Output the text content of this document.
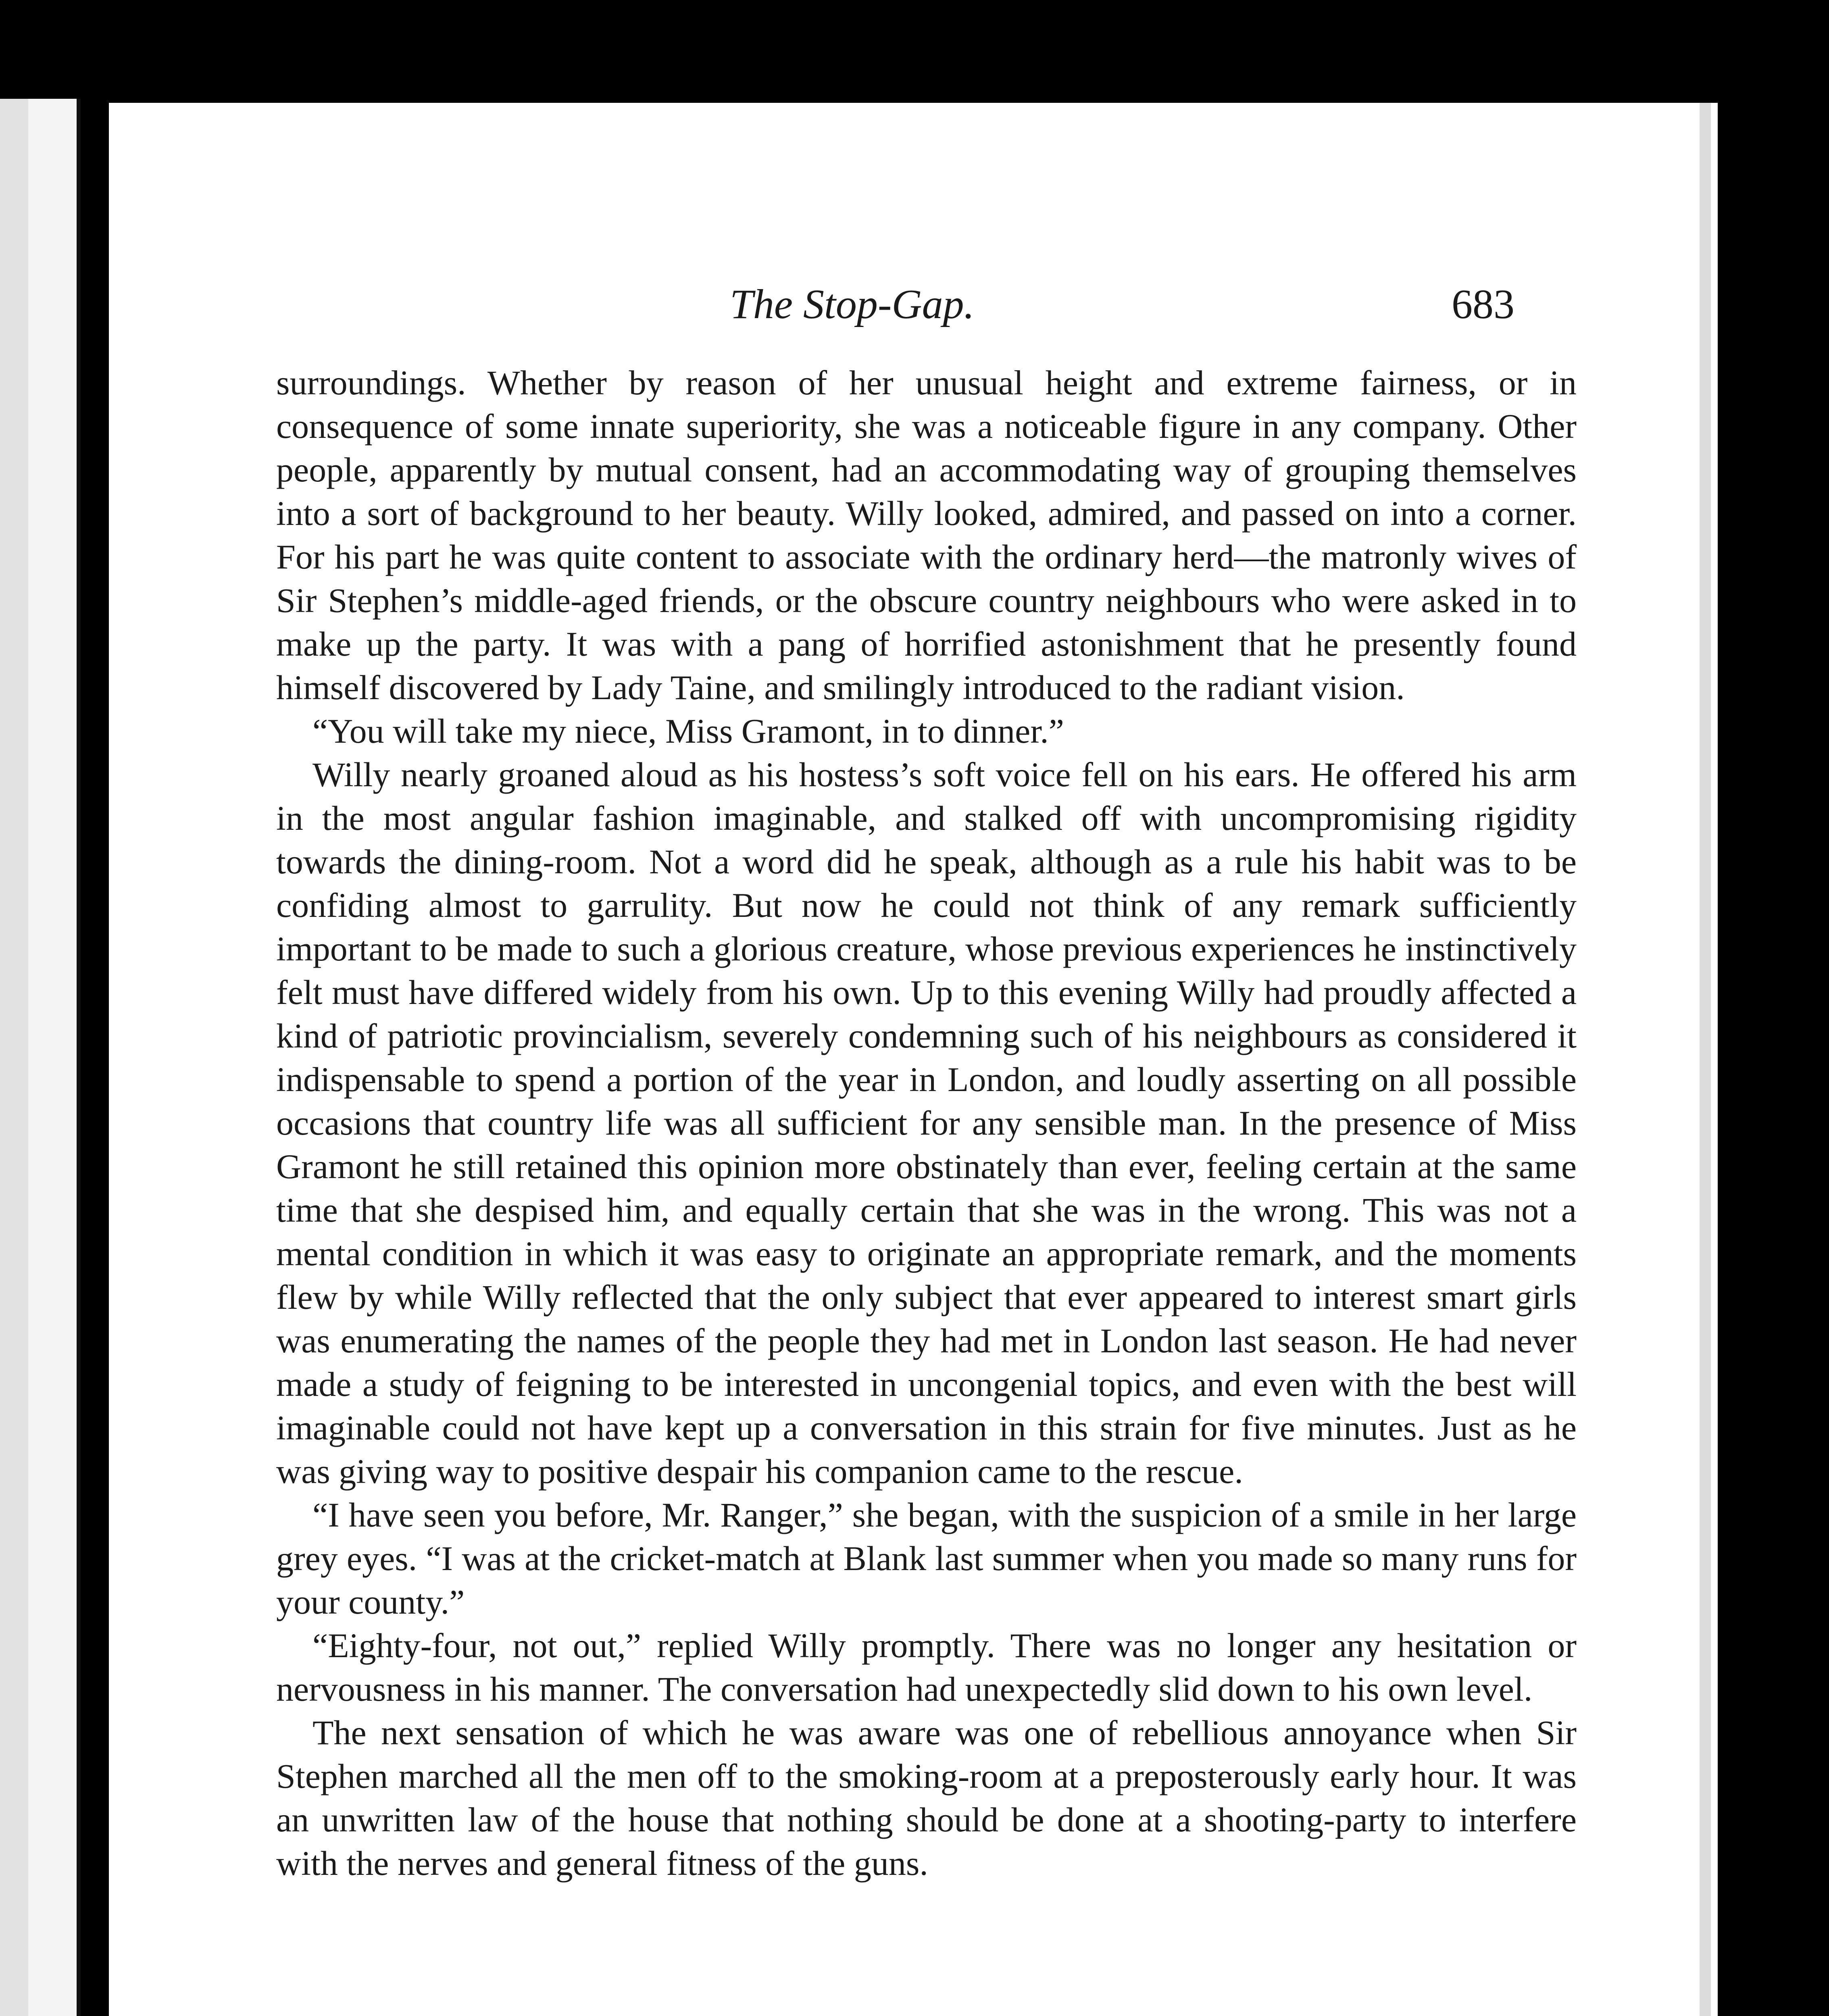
The Stop-Gap.	683

surroundings. Whether by reason of her unusual height and extreme fairness, or in consequence of some innate superiority, she was a noticeable figure in any company. Other people, apparently by mutual consent, had an accommodating way of grouping themselves into a sort of background to her beauty. Willy looked, admired, and passed on into a corner. For his part he was quite content to associate with the ordinary herd—the matronly wives of Sir Stephen’s middle-aged friends, or the obscure country neighbours who were asked in to make up the party. It was with a pang of horrified astonishment that he presently found himself discovered by Lady Taine, and smilingly introduced to the radiant vision.

“You will take my niece, Miss Gramont, in to dinner.”

Willy nearly groaned aloud as his hostess’s soft voice fell on his ears. He offered his arm in the most angular fashion imaginable, and stalked off with uncompromising rigidity towards the dining-room. Not a word did he speak, although as a rule his habit was to be confiding almost to garrulity. But now he could not think of any remark sufficiently important to be made to such a glorious creature, whose previous experiences he instinctively felt must have differed widely from his own. Up to this evening Willy had proudly affected a kind of patriotic provincialism, severely condemning such of his neighbours as considered it indispensable to spend a portion of the year in London, and loudly asserting on all possible occasions that country life was all sufficient for any sensible man. In the presence of Miss Gramont he still retained this opinion more obstinately than ever, feeling certain at the same time that she despised him, and equally certain that she was in the wrong. This was not a mental condition in which it was easy to originate an appropriate remark, and the moments flew by while Willy reflected that the only subject that ever appeared to interest smart girls was enumerating the names of the people they had met in London last season. He had never made a study of feigning to be interested in uncongenial topics, and even with the best will imaginable could not have kept up a conversation in this strain for five minutes. Just as he was giving way to positive despair his companion came to the rescue.

“I have seen you before, Mr. Ranger,” she began, with the suspicion of a smile in her large grey eyes. “I was at the cricket-match at Blank last summer when you made so many runs for your county.”

“Eighty-four, not out,” replied Willy promptly. There was no longer any hesitation or nervousness in his manner. The conversation had unexpectedly slid down to his own level.

The next sensation of which he was aware was one of rebellious annoyance when Sir Stephen marched all the men off to the smoking-room at a preposterously early hour. It was an unwritten law of the house that nothing should be done at a shooting-party to interfere with the nerves and general fitness of the guns.
